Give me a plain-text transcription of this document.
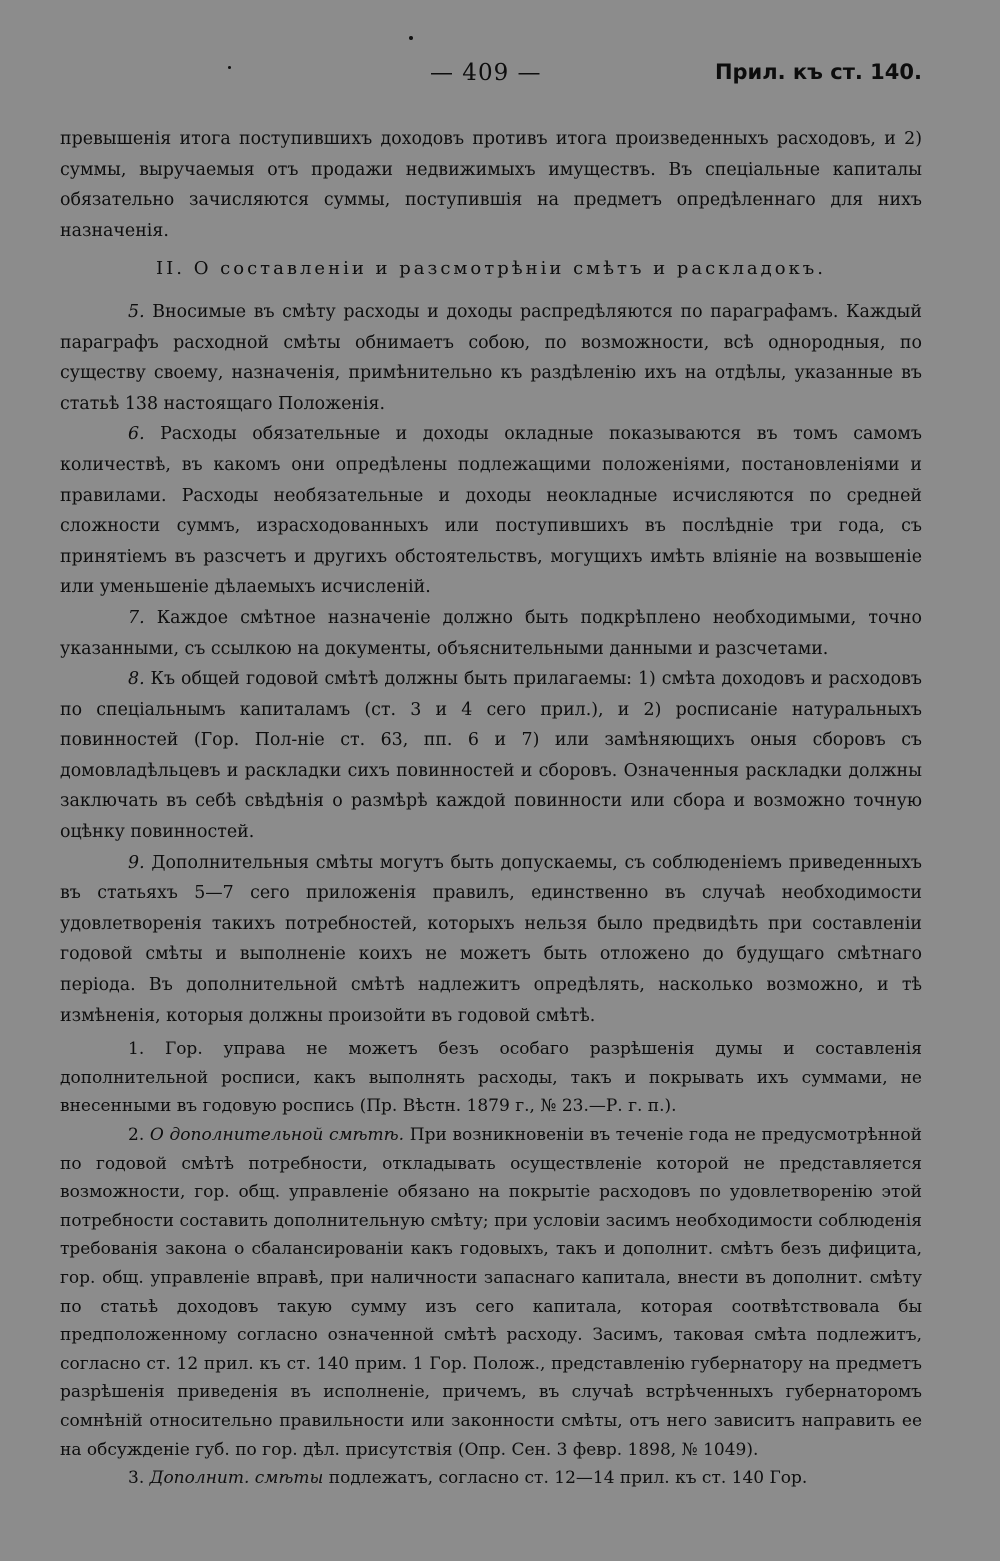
— 409 —	Прил. къ ст. 140.

превышенія итога поступившихъ доходовъ противъ итога произведенныхъ расходовъ, и 2) суммы, выручаемыя отъ продажи недвижимыхъ имуществъ. Въ спеціальные капиталы обязательно зачисляются суммы, поступившія на предметъ опредѣленнаго для нихъ назначенія.

II. О составленіи и разсмотрѣніи смѣтъ и раскладокъ.

5. Вносимые въ смѣту расходы и доходы распредѣляются по параграфамъ. Каждый параграфъ расходной смѣты обнимаетъ собою, по возможности, всѣ однородныя, по существу своему, назначенія, примѣнительно къ раздѣленію ихъ на отдѣлы, указанные въ статьѣ 138 настоящаго Положенія.

6. Расходы обязательные и доходы окладные показываются въ томъ самомъ количествѣ, въ какомъ они опредѣлены подлежащими положеніями, постановленіями и правилами. Расходы необязательные и доходы неокладные исчисляются по средней сложности суммъ, израсходованныхъ или поступившихъ въ послѣдніе три года, съ принятіемъ въ разсчетъ и другихъ обстоятельствъ, могущихъ имѣть вліяніе на возвышеніе или уменьшеніе дѣлаемыхъ исчисленій.

7. Каждое смѣтное назначеніе должно быть подкрѣплено необходимыми, точно указанными, съ ссылкою на документы, объяснительными данными и разсчетами.

8. Къ общей годовой смѣтѣ должны быть прилагаемы: 1) смѣта доходовъ и расходовъ по спеціальнымъ капиталамъ (ст. 3 и 4 сего прил.), и 2) росписаніе натуральныхъ повинностей (Гор. Пол-ніе ст. 63, пп. 6 и 7) или замѣняющихъ оныя сборовъ съ домовладѣльцевъ и раскладки сихъ повинностей и сборовъ. Означенныя раскладки должны заключать въ себѣ свѣдѣнія о размѣрѣ каждой повинности или сбора и возможно точную оцѣнку повинностей.

9. Дополнительныя смѣты могутъ быть допускаемы, съ соблюденіемъ приведенныхъ въ статьяхъ 5—7 сего приложенія правилъ, единственно въ случаѣ необходимости удовлетворенія такихъ потребностей, которыхъ нельзя было предвидѣть при составленіи годовой смѣты и выполненіе коихъ не можетъ быть отложено до будущаго смѣтнаго періода. Въ дополнительной смѣтѣ надлежитъ опредѣлять, насколько возможно, и тѣ измѣненія, которыя должны произойти въ годовой смѣтѣ.

1. Гор. управа не можетъ безъ особаго разрѣшенія думы и составленія дополнительной росписи, какъ выполнять расходы, такъ и покрывать ихъ суммами, не внесенными въ годовую роспись (Пр. Вѣстн. 1879 г., № 23.—Р. г. п.).

2. О дополнительной смѣтѣ. При возникновеніи въ теченіе года не предусмотрѣнной по годовой смѣтѣ потребности, откладывать осуществленіе которой не представляется возможности, гор. общ. управленіе обязано на покрытіе расходовъ по удовлетворенію этой потребности составить дополнительную смѣту; при условіи засимъ необходимости соблюденія требованія закона о сбалансированіи какъ годовыхъ, такъ и дополнит. смѣтъ безъ дифицита, гор. общ. управленіе вправѣ, при наличности запаснаго капитала, внести въ дополнит. смѣту по статьѣ доходовъ такую сумму изъ сего капитала, которая соотвѣтствовала бы предположенному согласно означенной смѣтѣ расходу. Засимъ, таковая смѣта подлежитъ, согласно ст. 12 прил. къ ст. 140 прим. 1 Гор. Полож., представленію губернатору на предметъ разрѣшенія приведенія въ исполненіе, причемъ, въ случаѣ встрѣченныхъ губернаторомъ сомнѣній относительно правильности или законности смѣты, отъ него зависитъ направить ее на обсужденіе губ. по гор. дѣл. присутствія (Опр. Сен. 3 февр. 1898, № 1049).

3. Дополнит. смѣты подлежатъ, согласно ст. 12—14 прил. къ ст. 140 Гор.
